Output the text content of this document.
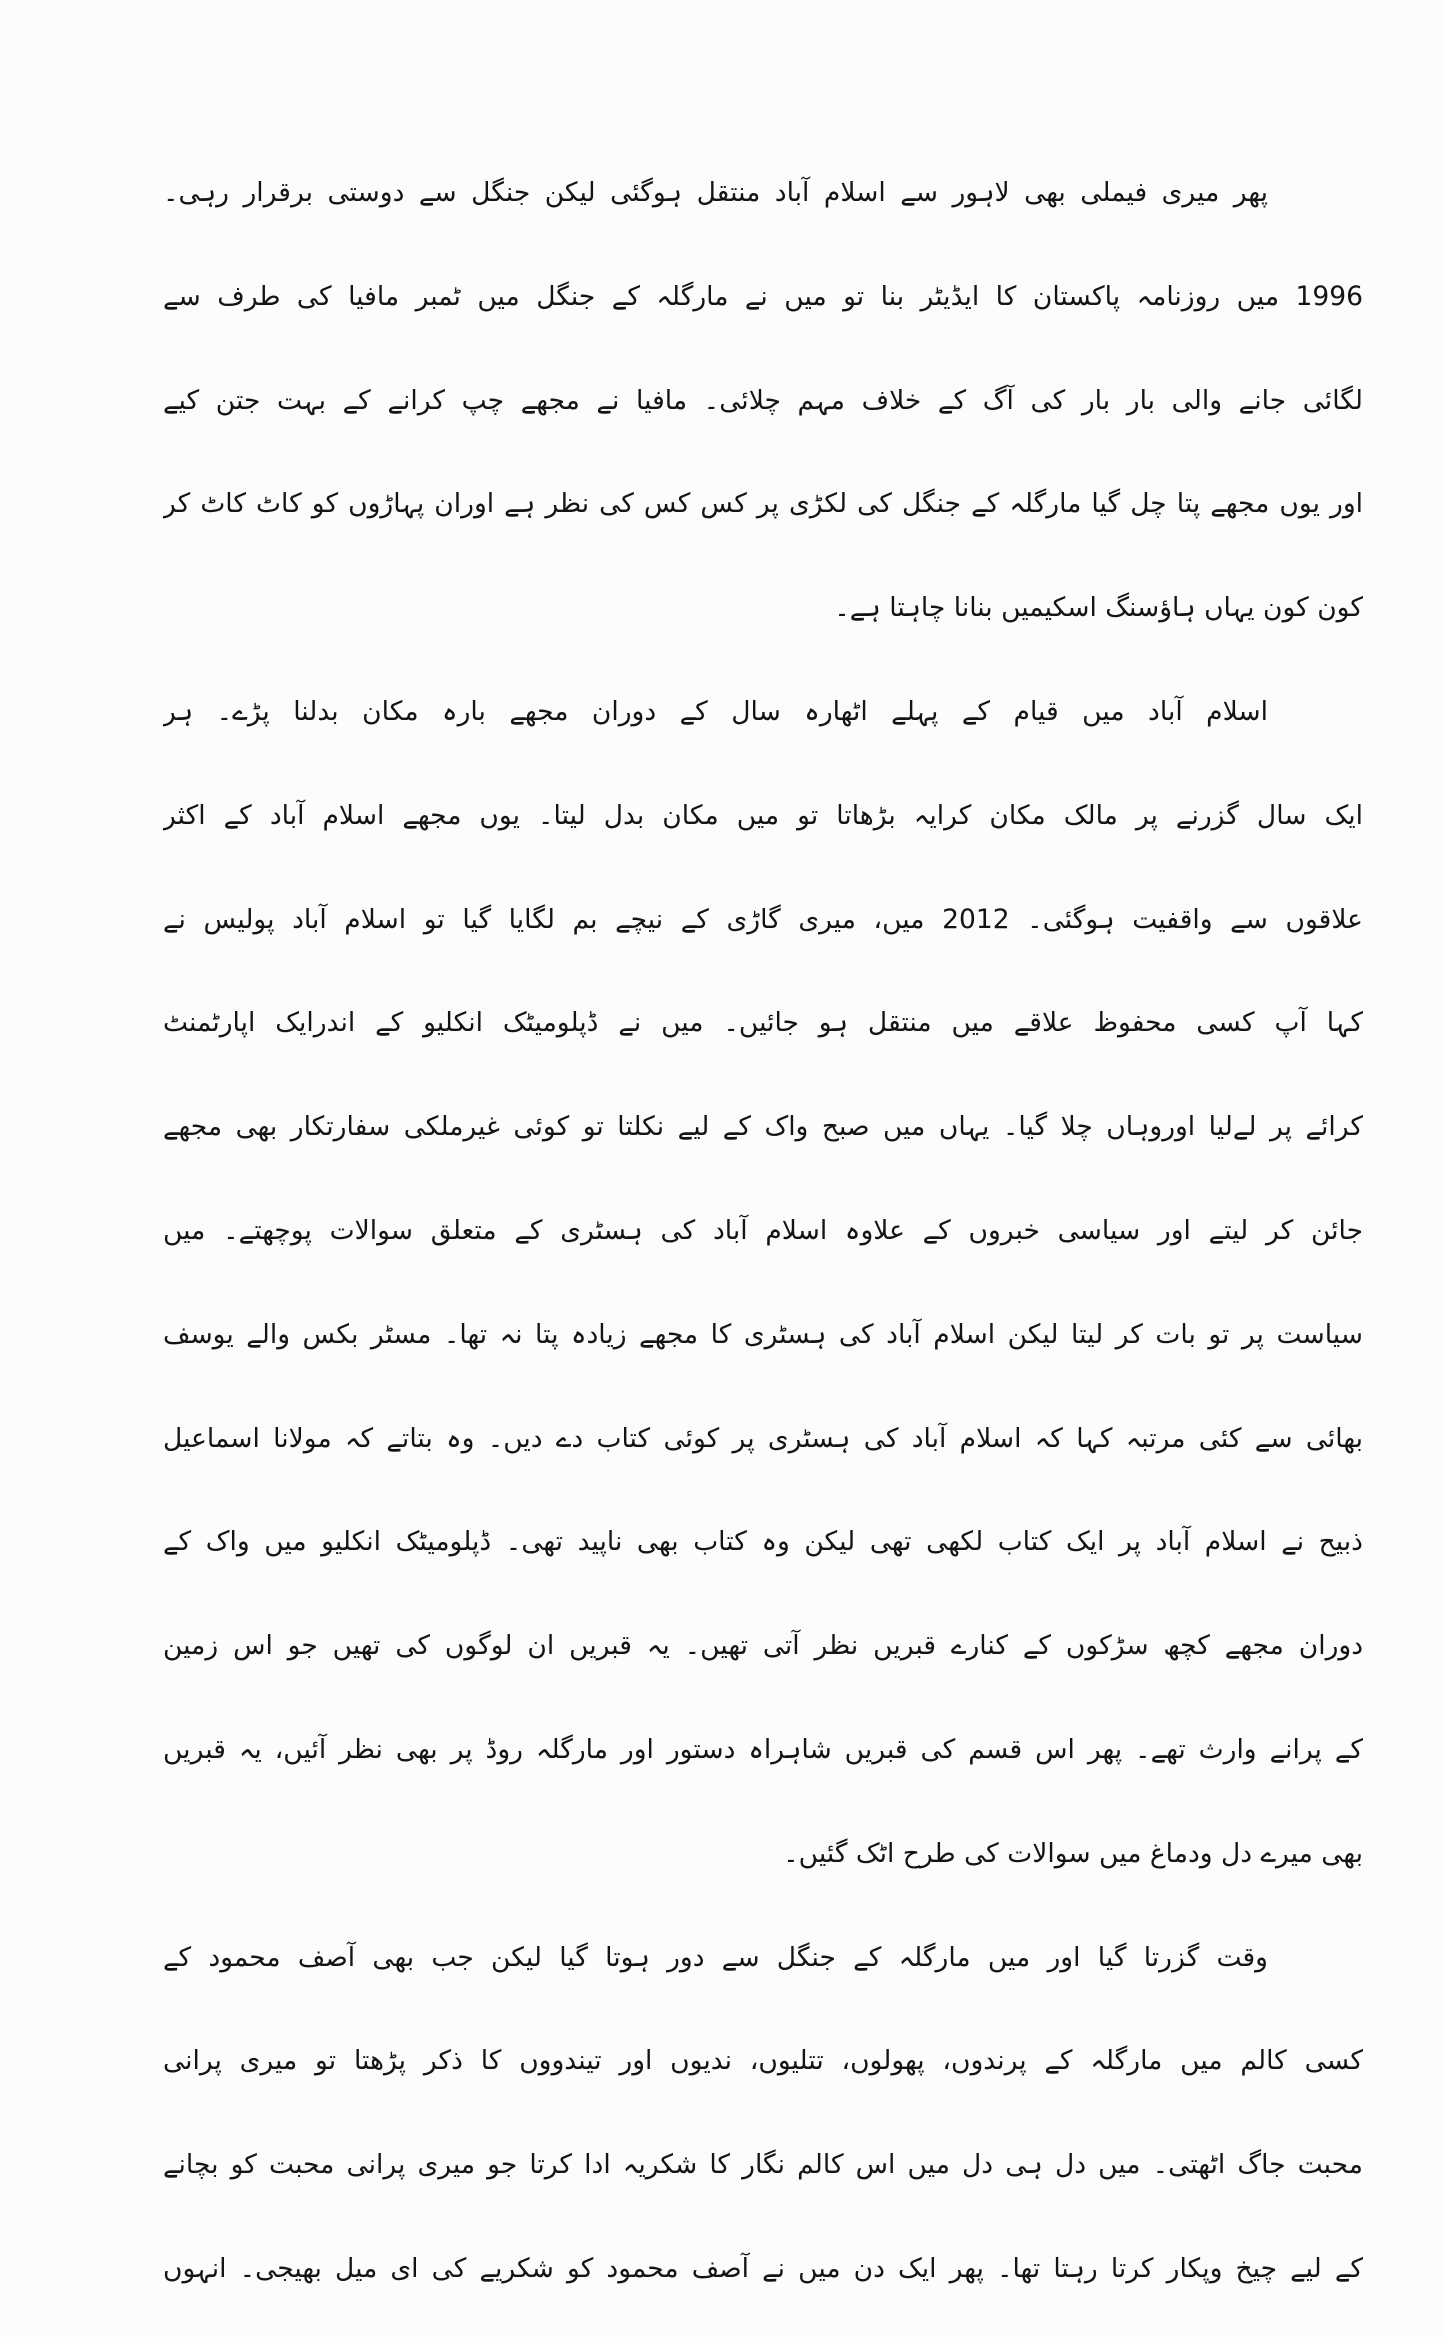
پھر میری فیملی بھی لاہور سے اسلام آباد منتقل ہوگئی لیکن جنگل سے دوستی برقرار رہی۔
1996 میں روزنامہ پاکستان کا ایڈیٹر بنا تو میں نے مارگلہ کے جنگل میں ٹمبر مافیا کی طرف سے
لگائی جانے والی بار بار کی آگ کے خلاف مہم چلائی۔ مافیا نے مجھے چپ کرانے کے بہت جتن کیے
اور یوں مجھے پتا چل گیا مارگلہ کے جنگل کی لکڑی پر کس کس کی نظر ہے اوران پہاڑوں کو کاٹ کاٹ کر
کون کون یہاں ہاؤسنگ اسکیمیں بنانا چاہتا ہے۔
اسلام آباد میں قیام کے پہلے اٹھارہ سال کے دوران مجھے بارہ مکان بدلنا پڑے۔ ہر
ایک سال گزرنے پر مالک مکان کرایہ بڑھاتا تو میں مکان بدل لیتا۔ یوں مجھے اسلام آباد کے اکثر
علاقوں سے واقفیت ہوگئی۔ 2012 میں، میری گاڑی کے نیچے بم لگایا گیا تو اسلام آباد پولیس نے
کہا آپ کسی محفوظ علاقے میں منتقل ہو جائیں۔ میں نے ڈپلومیٹک انکلیو کے اندرایک اپارٹمنٹ
کرائے پر لےلیا اوروہاں چلا گیا۔ یہاں میں صبح واک کے لیے نکلتا تو کوئی غیرملکی سفارتکار بھی مجھے
جائن کر لیتے اور سیاسی خبروں کے علاوہ اسلام آباد کی ہسٹری کے متعلق سوالات پوچھتے۔ میں
سیاست پر تو بات کر لیتا لیکن اسلام آباد کی ہسٹری کا مجھے زیادہ پتا نہ تھا۔ مسٹر بکس والے یوسف
بھائی سے کئی مرتبہ کہا کہ اسلام آباد کی ہسٹری پر کوئی کتاب دے دیں۔ وہ بتاتے کہ مولانا اسماعیل
ذبیح نے اسلام آباد پر ایک کتاب لکھی تھی لیکن وہ کتاب بھی ناپید تھی۔ ڈپلومیٹک انکلیو میں واک کے
دوران مجھے کچھ سڑکوں کے کنارے قبریں نظر آتی تھیں۔ یہ قبریں ان لوگوں کی تھیں جو اس زمین
کے پرانے وارث تھے۔ پھر اس قسم کی قبریں شاہراہ دستور اور مارگلہ روڈ پر بھی نظر آئیں، یہ قبریں
بھی میرے دل ودماغ میں سوالات کی طرح اٹک گئیں۔
وقت گزرتا گیا اور میں مارگلہ کے جنگل سے دور ہوتا گیا لیکن جب بھی آصف محمود کے
کسی کالم میں مارگلہ کے پرندوں، پھولوں، تتلیوں، ندیوں اور تیندووں کا ذکر پڑھتا تو میری پرانی
محبت جاگ اٹھتی۔ میں دل ہی دل میں اس کالم نگار کا شکریہ ادا کرتا جو میری پرانی محبت کو بچانے
کے لیے چیخ وپکار کرتا رہتا تھا۔ پھر ایک دن میں نے آصف محمود کو شکریے کی ای میل بھیجی۔ انہوں
